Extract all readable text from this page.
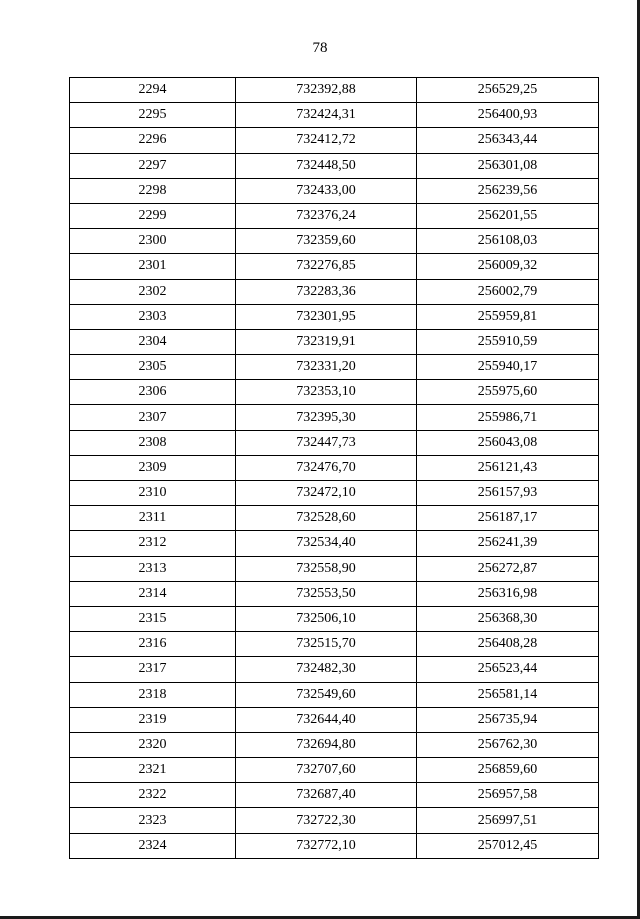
78
2294	732392,88	256529,25
2295	732424,31	256400,93
2296	732412,72	256343,44
2297	732448,50	256301,08
2298	732433,00	256239,56
2299	732376,24	256201,55
2300	732359,60	256108,03
2301	732276,85	256009,32
2302	732283,36	256002,79
2303	732301,95	255959,81
2304	732319,91	255910,59
2305	732331,20	255940,17
2306	732353,10	255975,60
2307	732395,30	255986,71
2308	732447,73	256043,08
2309	732476,70	256121,43
2310	732472,10	256157,93
2311	732528,60	256187,17
2312	732534,40	256241,39
2313	732558,90	256272,87
2314	732553,50	256316,98
2315	732506,10	256368,30
2316	732515,70	256408,28
2317	732482,30	256523,44
2318	732549,60	256581,14
2319	732644,40	256735,94
2320	732694,80	256762,30
2321	732707,60	256859,60
2322	732687,40	256957,58
2323	732722,30	256997,51
2324	732772,10	257012,45
